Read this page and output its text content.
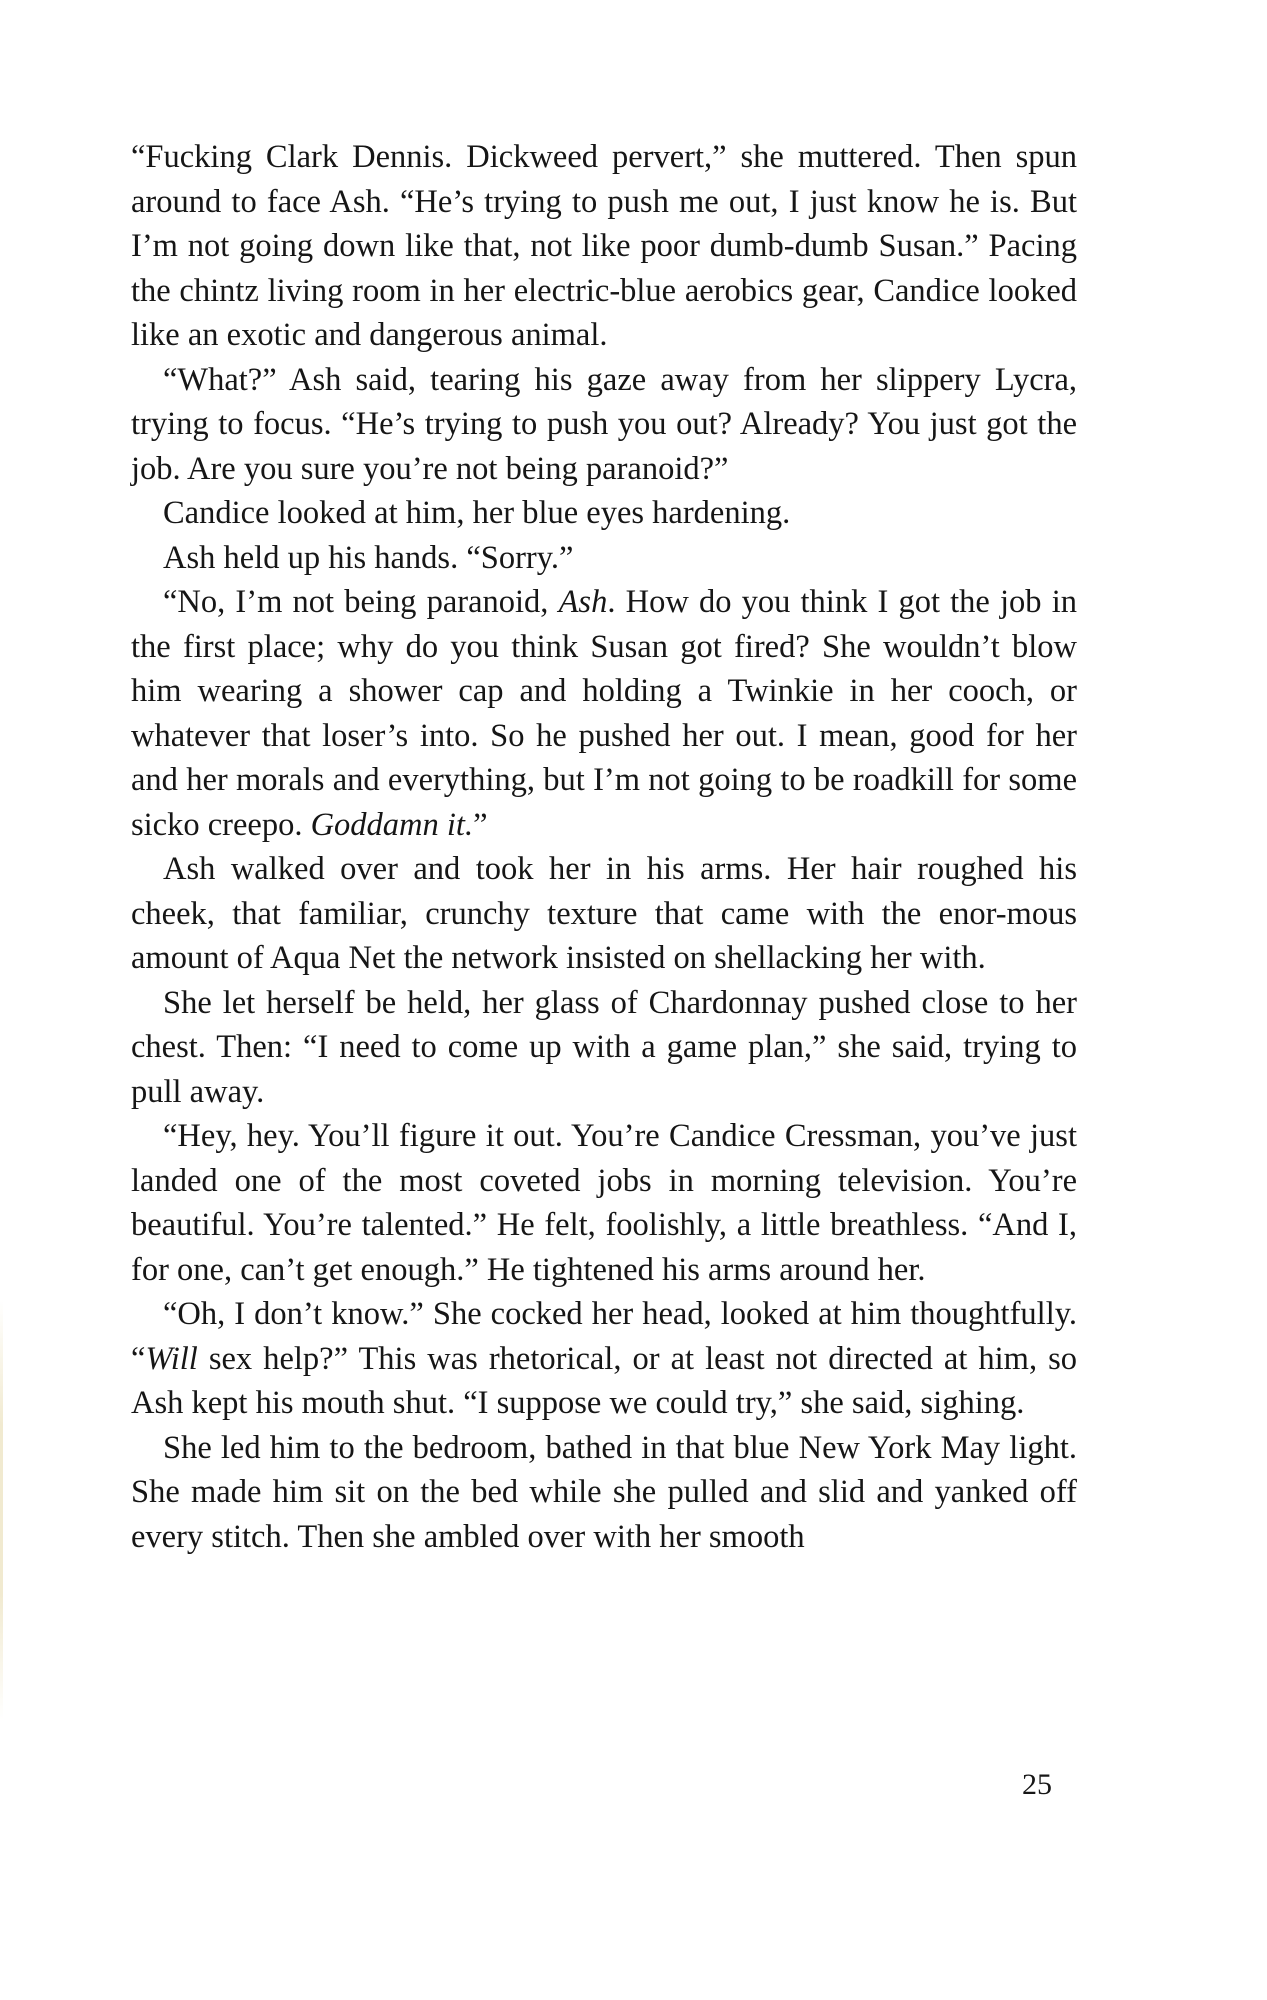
“Fucking Clark Dennis. Dickweed pervert,” she muttered. Then spun around to face Ash. “He’s trying to push me out, I just know he is. But I’m not going down like that, not like poor dumb-dumb Susan.” Pacing the chintz living room in her electric-blue aerobics gear, Candice looked like an exotic and dangerous animal.

“What?” Ash said, tearing his gaze away from her slippery Lycra, trying to focus. “He’s trying to push you out? Already? You just got the job. Are you sure you’re not being paranoid?”

Candice looked at him, her blue eyes hardening.

Ash held up his hands. “Sorry.”

“No, I’m not being paranoid, Ash. How do you think I got the job in the first place; why do you think Susan got fired? She wouldn’t blow him wearing a shower cap and holding a Twinkie in her cooch, or whatever that loser’s into. So he pushed her out. I mean, good for her and her morals and everything, but I’m not going to be roadkill for some sicko creepo. Goddamn it.”

Ash walked over and took her in his arms. Her hair roughed his cheek, that familiar, crunchy texture that came with the enor-mous amount of Aqua Net the network insisted on shellacking her with.

She let herself be held, her glass of Chardonnay pushed close to her chest. Then: “I need to come up with a game plan,” she said, trying to pull away.

“Hey, hey. You’ll figure it out. You’re Candice Cressman, you’ve just landed one of the most coveted jobs in morning television. You’re beautiful. You’re talented.” He felt, foolishly, a little breathless. “And I, for one, can’t get enough.” He tightened his arms around her.

“Oh, I don’t know.” She cocked her head, looked at him thoughtfully. “Will sex help?” This was rhetorical, or at least not directed at him, so Ash kept his mouth shut. “I suppose we could try,” she said, sighing.

She led him to the bedroom, bathed in that blue New York May light. She made him sit on the bed while she pulled and slid and yanked off every stitch. Then she ambled over with her smooth

25
